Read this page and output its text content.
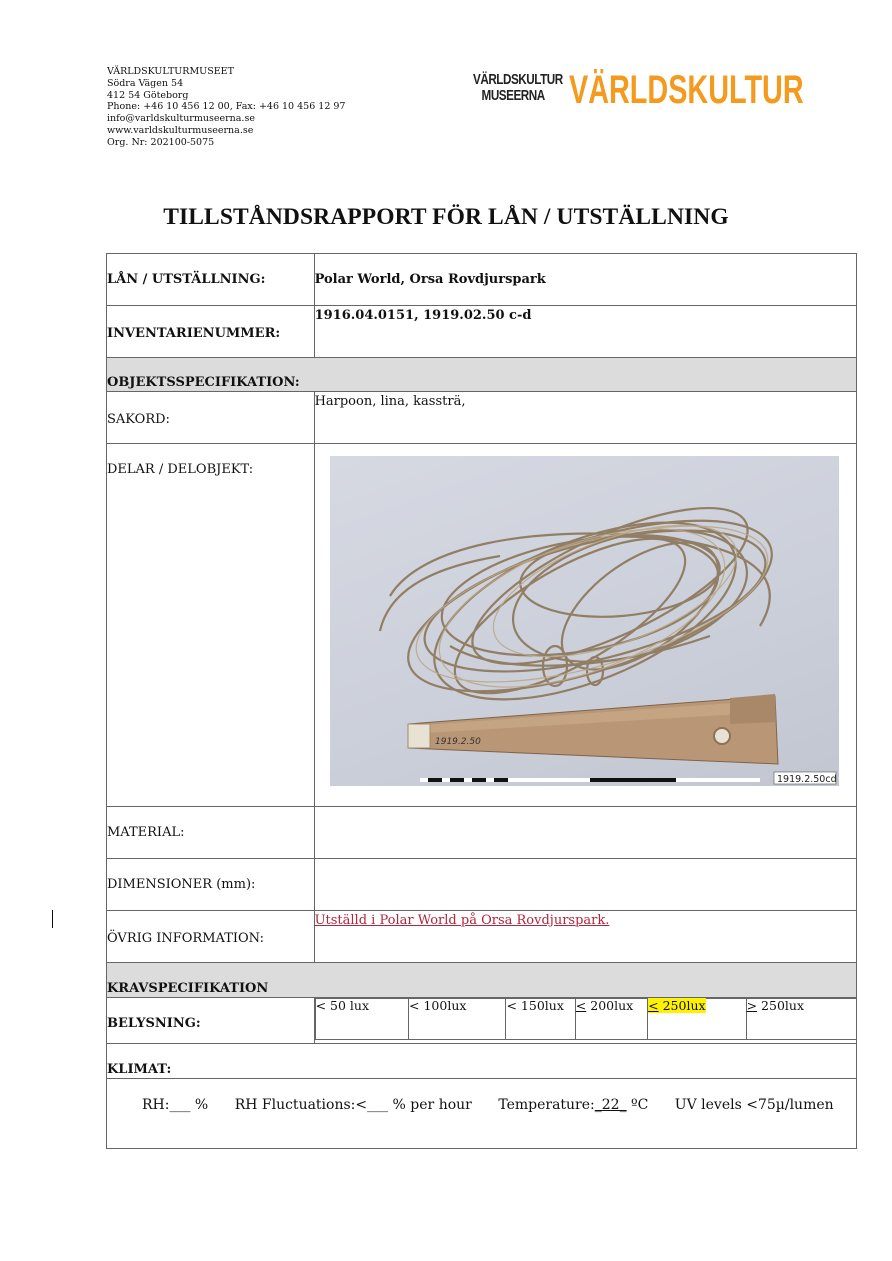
VÄRLDSKULTURMUSEET
Södra Vägen 54
412 54 Göteborg
Phone: +46 10 456 12 00, Fax: +46 10 456 12 97
info@varldskulturmuseerna.se
www.varldskulturmuseerna.se
Org. Nr: 202100-5075
VÄRLDSKULTUR
MUSEERNA VÄRLDSKULTUR
TILLSTÅNDSRAPPORT FÖR LÅN / UTSTÄLLNING
LÅN / UTSTÄLLNING:	Polar World, Orsa Rovdjurspark
INVENTARIENUMMER:	1916.04.0151, 1919.02.50 c-d
OBJEKTSSPECIFIKATION:
SAKORD:	Harpoon, lina, kassträ,
DELAR / DELOBJEKT:	
1919.2.50
1919.2.50cd

MATERIAL:	
DIMENSIONER (mm):	
ÖVRIG INFORMATION:	Utställd i Polar World på Orsa Rovdjurspark.
KRAVSPECIFIKATION
BELYSNING:	
< 50 lux	< 100lux	< 150lux	< 200lux	< 250lux	> 250lux

KLIMAT:

RH:___ % RH Fluctuations:<___ % per hour Temperature:_22_ ºC UV levels <75µ/lumen
